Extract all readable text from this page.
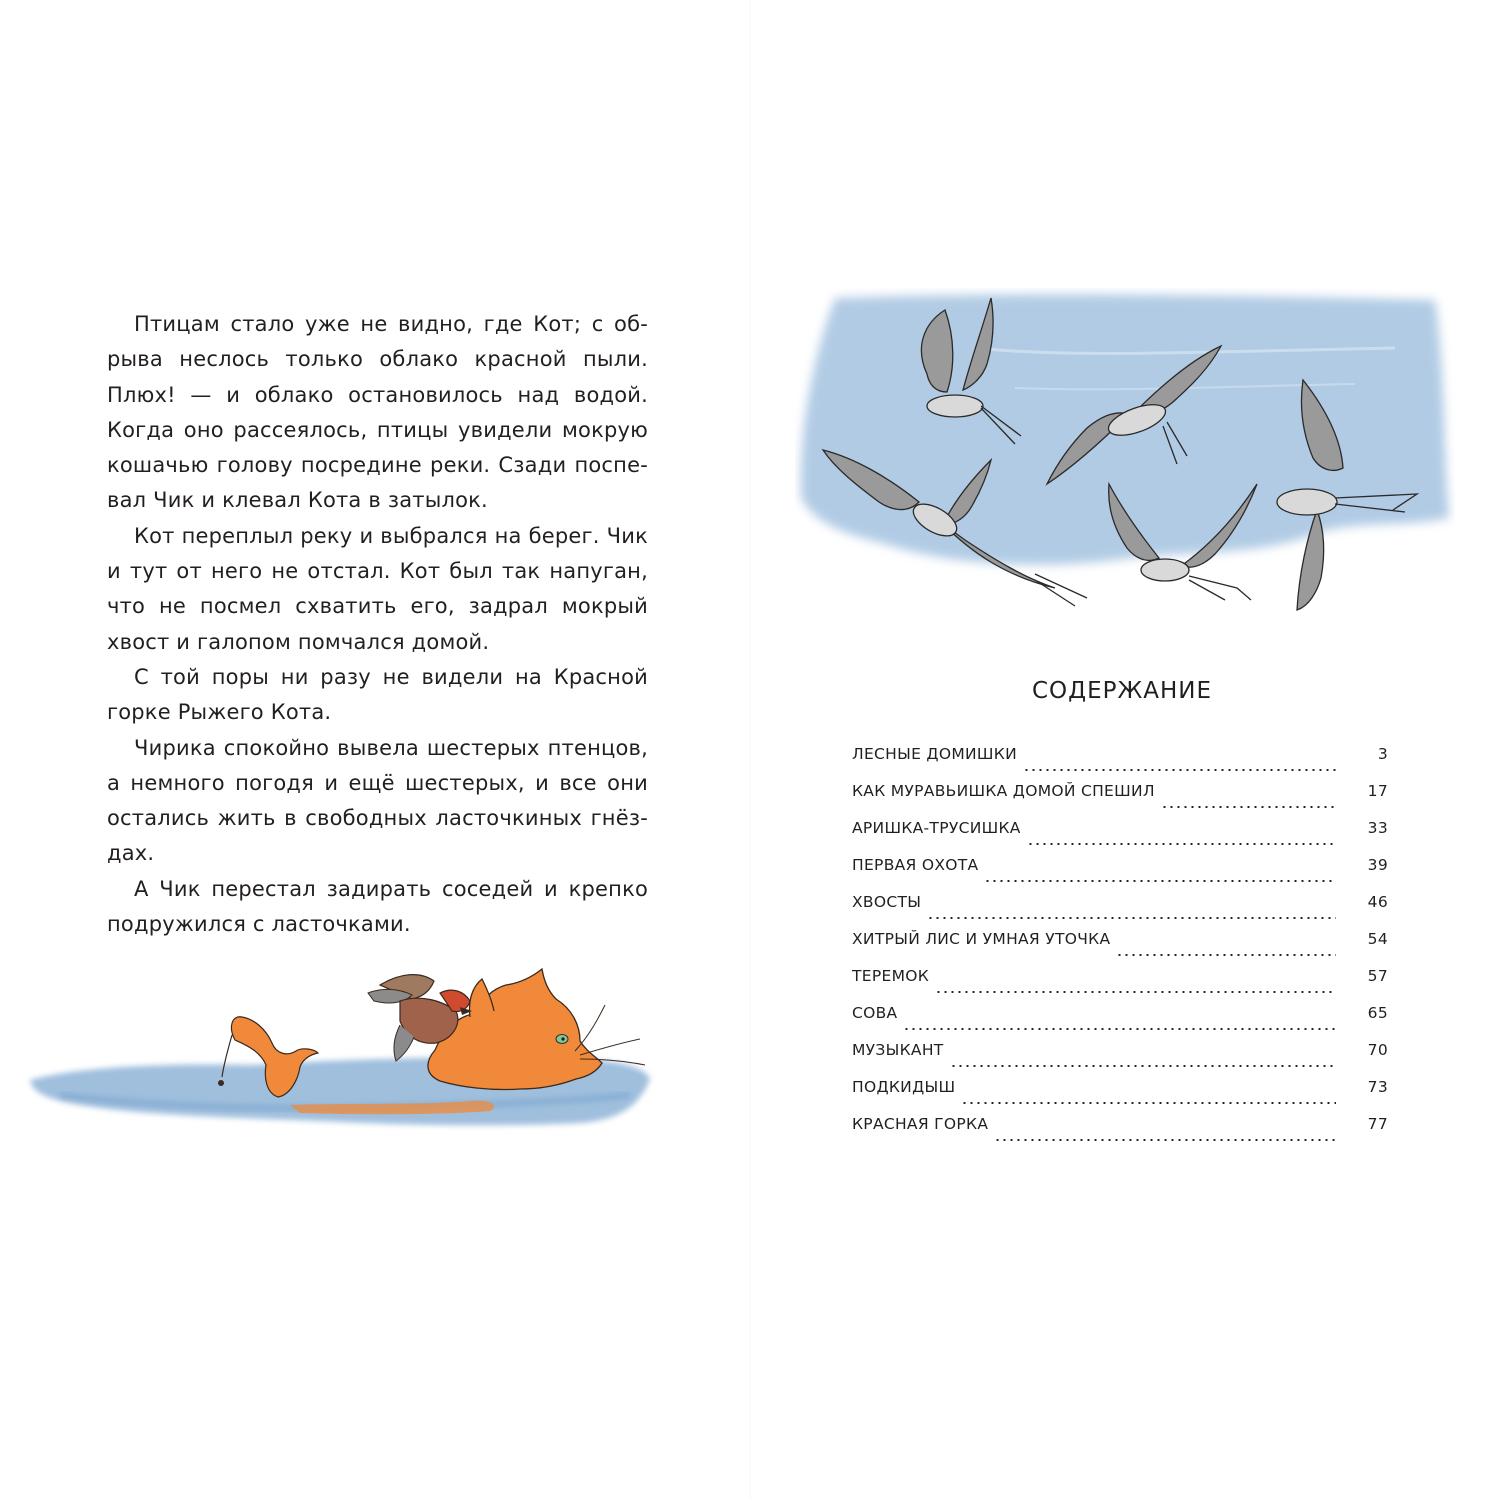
Птицам стало уже не видно, где Кот; с об-
рыва неслось только облако красной пыли.
Плюх! — и облако остановилось над водой.
Когда оно рассеялось, птицы увидели мокрую
кошачью голову посредине реки. Сзади поспе-
вал Чик и клевал Кота в затылок.

Кот переплыл реку и выбрался на берег. Чик
и тут от него не отстал. Кот был так напуган,
что не посмел схватить его, задрал мокрый
хвост и галопом помчался домой.

С той поры ни разу не видели на Красной
горке Рыжего Кота.

Чирика спокойно вывела шестерых птенцов,
а немного погодя и ещё шестерых, и все они
остались жить в свободных ласточкиных гнёз-
дах.

А Чик перестал задирать соседей и крепко
подружился с ласточками.

СОДЕРЖАНИЕ
ЛЕСНЫЕ ДОМИШКИ	3
КАК МУРАВЬИШКА ДОМОЙ СПЕШИЛ	17
АРИШКА-ТРУСИШКА	33
ПЕРВАЯ ОХОТА	39
ХВОСТЫ	46
ХИТРЫЙ ЛИС И УМНАЯ УТОЧКА	54
ТЕРЕМОК	57
СОВА	65
МУЗЫКАНТ	70
ПОДКИДЫШ	73
КРАСНАЯ ГОРКА	77
